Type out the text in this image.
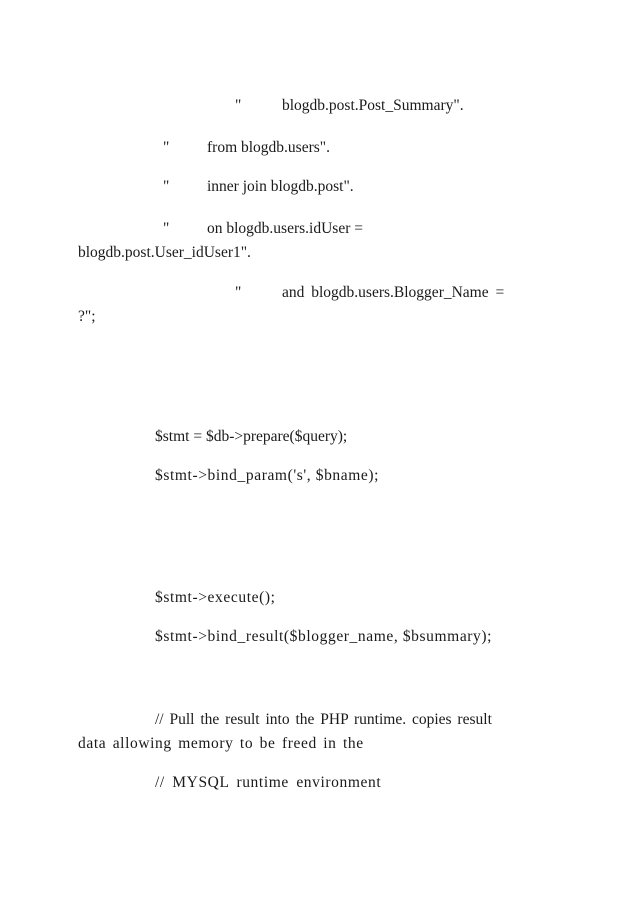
"	blogdb.post.Post_Summary".
" from blogdb.users".
" inner join blogdb.post".
" on blogdb.users.idUser =
blogdb.post.User_idUser1".
"	and blogdb.users.Blogger_Name =
?";
$stmt = $db->prepare($query);
$stmt->bind_param('s', $bname);
$stmt->execute();
$stmt->bind_result($blogger_name, $bsummary);
// Pull the result into the PHP runtime. copies result
data allowing memory to be freed in the
// MYSQL runtime environment
